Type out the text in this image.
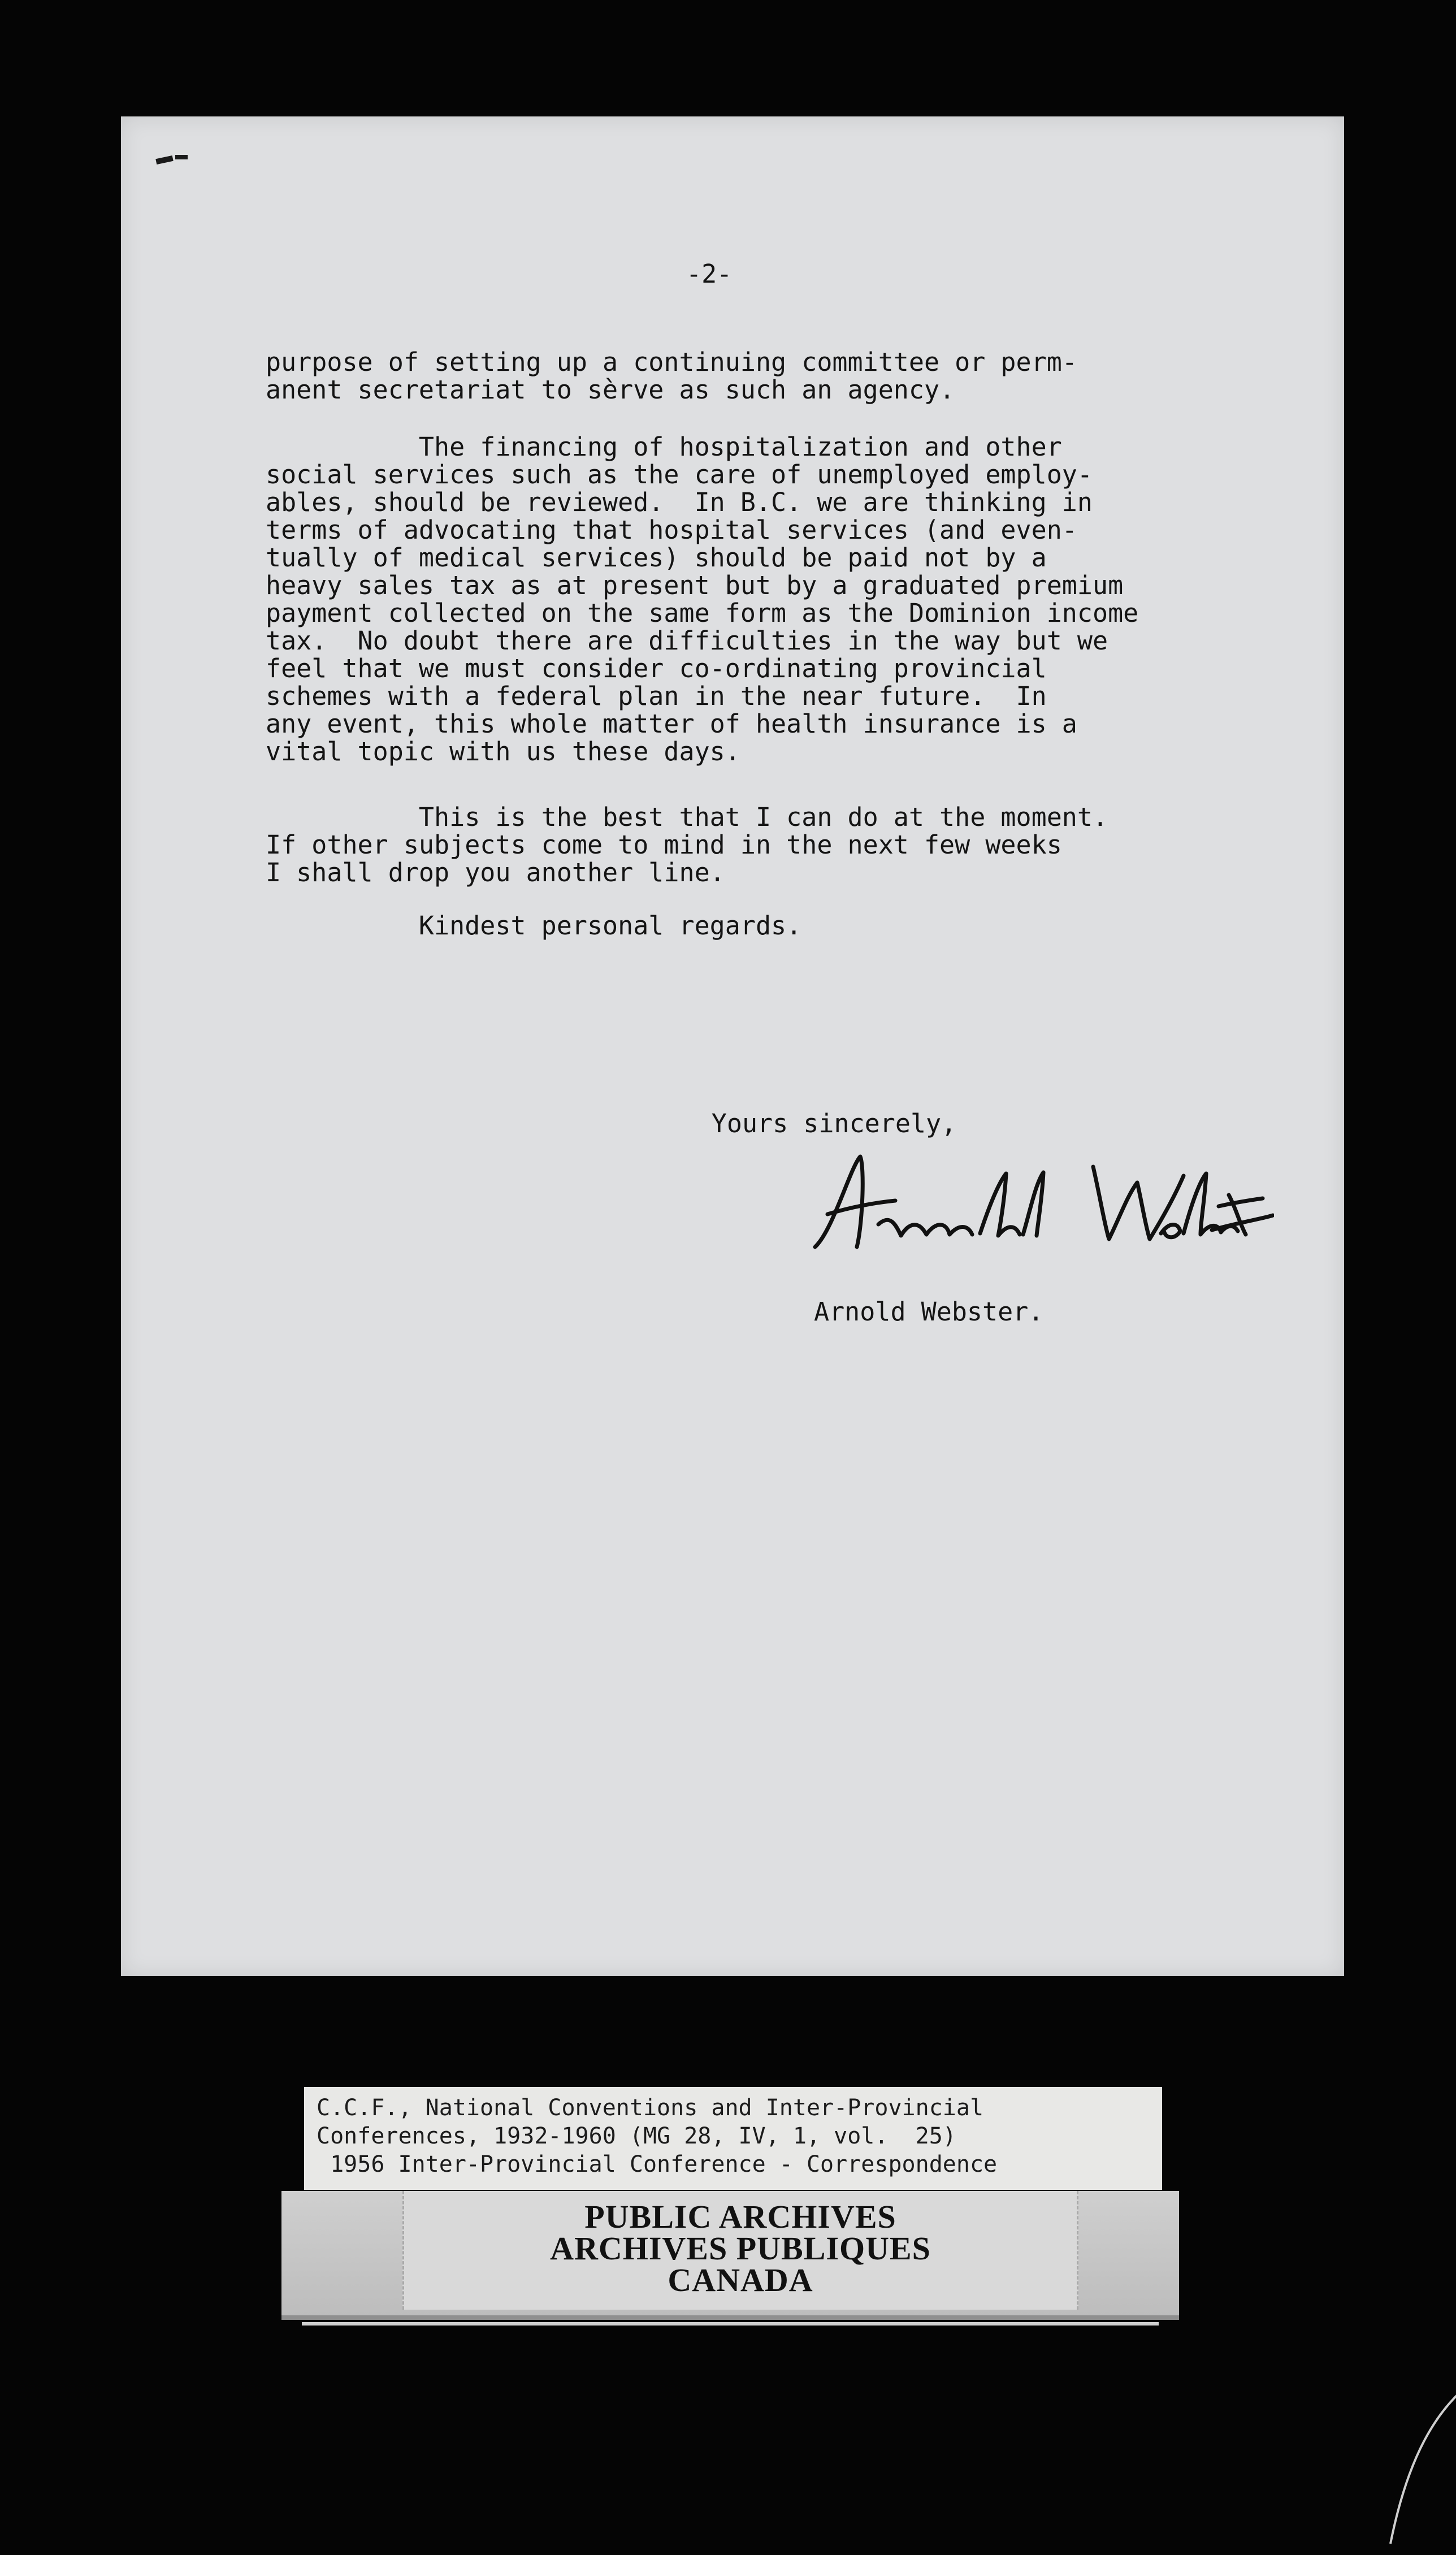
-2-
purpose of setting up a continuing committee or perm-
anent secretariat to sèrve as such an agency.
The financing of hospitalization and other
social services such as the care of unemployed employ-
ables, should be reviewed.  In B.C. we are thinking in
terms of advocating that hospital services (and even-
tually of medical services) should be paid not by a
heavy sales tax as at present but by a graduated premium
payment collected on the same form as the Dominion income
tax.  No doubt there are difficulties in the way but we
feel that we must consider co-ordinating provincial
schemes with a federal plan in the near future.  In
any event, this whole matter of health insurance is a
vital topic with us these days.
This is the best that I can do at the moment.
If other subjects come to mind in the next few weeks
I shall drop you another line.
Kindest personal regards.
Yours sincerely,
Arnold Webster.
C.C.F., National Conventions and Inter-Provincial
Conferences, 1932-1960 (MG 28, IV, 1, vol.  25)
1956 Inter-Provincial Conference - Correspondence
PUBLIC ARCHIVES
ARCHIVES PUBLIQUES
CANADA
